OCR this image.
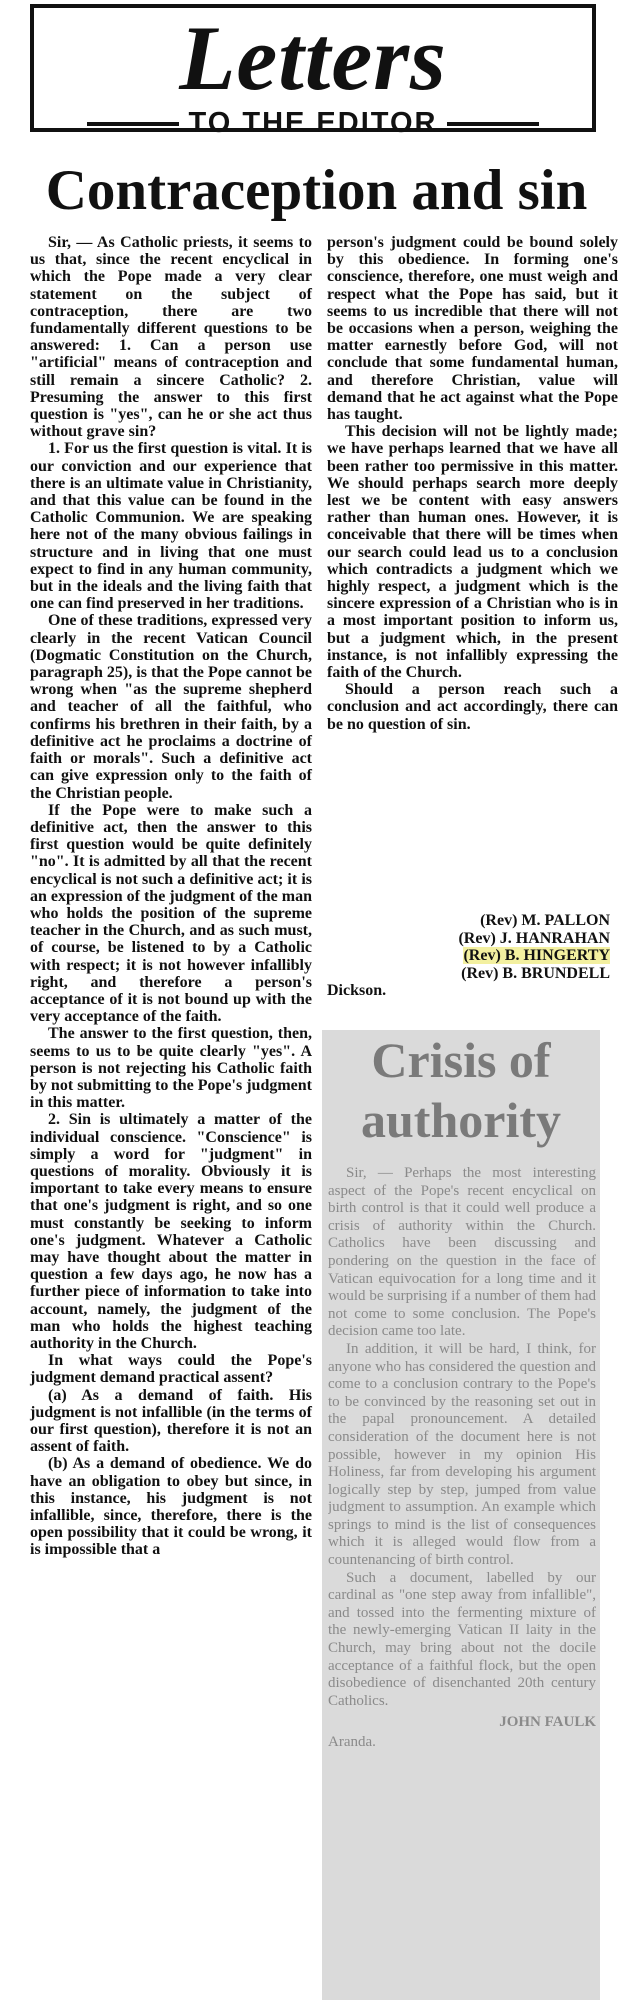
Letters
TO THE EDITOR
Contraception and sin

Sir, — As Catholic priests, it seems to us that, since the recent encyclical in which the Pope made a very clear statement on the subject of contraception, there are two fundamentally different questions to be answered: 1. Can a person use "artificial" means of contraception and still remain a sincere Catholic? 2. Presuming the answer to this first question is "yes", can he or she act thus without grave sin?

1. For us the first question is vital. It is our conviction and our experience that there is an ultimate value in Christianity, and that this value can be found in the Catholic Communion. We are speaking here not of the many obvious failings in structure and in living that one must expect to find in any human community, but in the ideals and the living faith that one can find preserved in her traditions.

One of these traditions, expressed very clearly in the recent Vatican Council (Dogmatic Constitution on the Church, paragraph 25), is that the Pope cannot be wrong when "as the supreme shepherd and teacher of all the faithful, who confirms his brethren in their faith, by a definitive act he proclaims a doctrine of faith or morals". Such a definitive act can give expression only to the faith of the Christian people.

If the Pope were to make such a definitive act, then the answer to this first question would be quite definitely "no". It is admitted by all that the recent encyclical is not such a definitive act; it is an expression of the judgment of the man who holds the position of the supreme teacher in the Church, and as such must, of course, be listened to by a Catholic with respect; it is not however infallibly right, and therefore a person's acceptance of it is not bound up with the very acceptance of the faith.

The answer to the first question, then, seems to us to be quite clearly "yes". A person is not rejecting his Catholic faith by not submitting to the Pope's judgment in this matter.

2. Sin is ultimately a matter of the individual conscience. "Conscience" is simply a word for "judgment" in questions of morality. Obviously it is important to take every means to ensure that one's judgment is right, and so one must constantly be seeking to inform one's judgment. Whatever a Catholic may have thought about the matter in question a few days ago, he now has a further piece of information to take into account, namely, the judgment of the man who holds the highest teaching authority in the Church.

In what ways could the Pope's judgment demand practical assent?

(a) As a demand of faith. His judgment is not infallible (in the terms of our first question), therefore it is not an assent of faith.

(b) As a demand of obedience. We do have an obligation to obey but since, in this instance, his judgment is not infallible, since, therefore, there is the open possibility that it could be wrong, it is impossible that a

person's judgment could be bound solely by this obedience. In forming one's conscience, therefore, one must weigh and respect what the Pope has said, but it seems to us incredible that there will not be occasions when a person, weighing the matter earnestly before God, will not conclude that some fundamental human, and therefore Christian, value will demand that he act against what the Pope has taught.

This decision will not be lightly made; we have perhaps learned that we have all been rather too permissive in this matter. We should perhaps search more deeply lest we be content with easy answers rather than human ones. However, it is conceivable that there will be times when our search could lead us to a conclusion which contradicts a judgment which we highly respect, a judgment which is the sincere expression of a Christian who is in a most important position to inform us, but a judgment which, in the present instance, is not infallibly expressing the faith of the Church.

Should a person reach such a conclusion and act accordingly, there can be no question of sin.

(Rev) M. PALLON
(Rev) J. HANRAHAN
(Rev) B. HINGERTY
(Rev) B. BRUNDELL
Dickson.
Crisis of authority

Sir, — Perhaps the most interesting aspect of the Pope's recent encyclical on birth control is that it could well produce a crisis of authority within the Church. Catholics have been discussing and pondering on the question in the face of Vatican equivocation for a long time and it would be surprising if a number of them had not come to some conclusion. The Pope's decision came too late.

In addition, it will be hard, I think, for anyone who has considered the question and come to a conclusion contrary to the Pope's to be convinced by the reasoning set out in the papal pronouncement. A detailed consideration of the document here is not possible, however in my opinion His Holiness, far from developing his argument logically step by step, jumped from value judgment to assumption. An example which springs to mind is the list of consequences which it is alleged would flow from a countenancing of birth control.

Such a document, labelled by our cardinal as "one step away from infallible", and tossed into the fermenting mixture of the newly-emerging Vatican II laity in the Church, may bring about not the docile acceptance of a faithful flock, but the open disobedience of disenchanted 20th century Catholics.

JOHN FAULK
Aranda.
